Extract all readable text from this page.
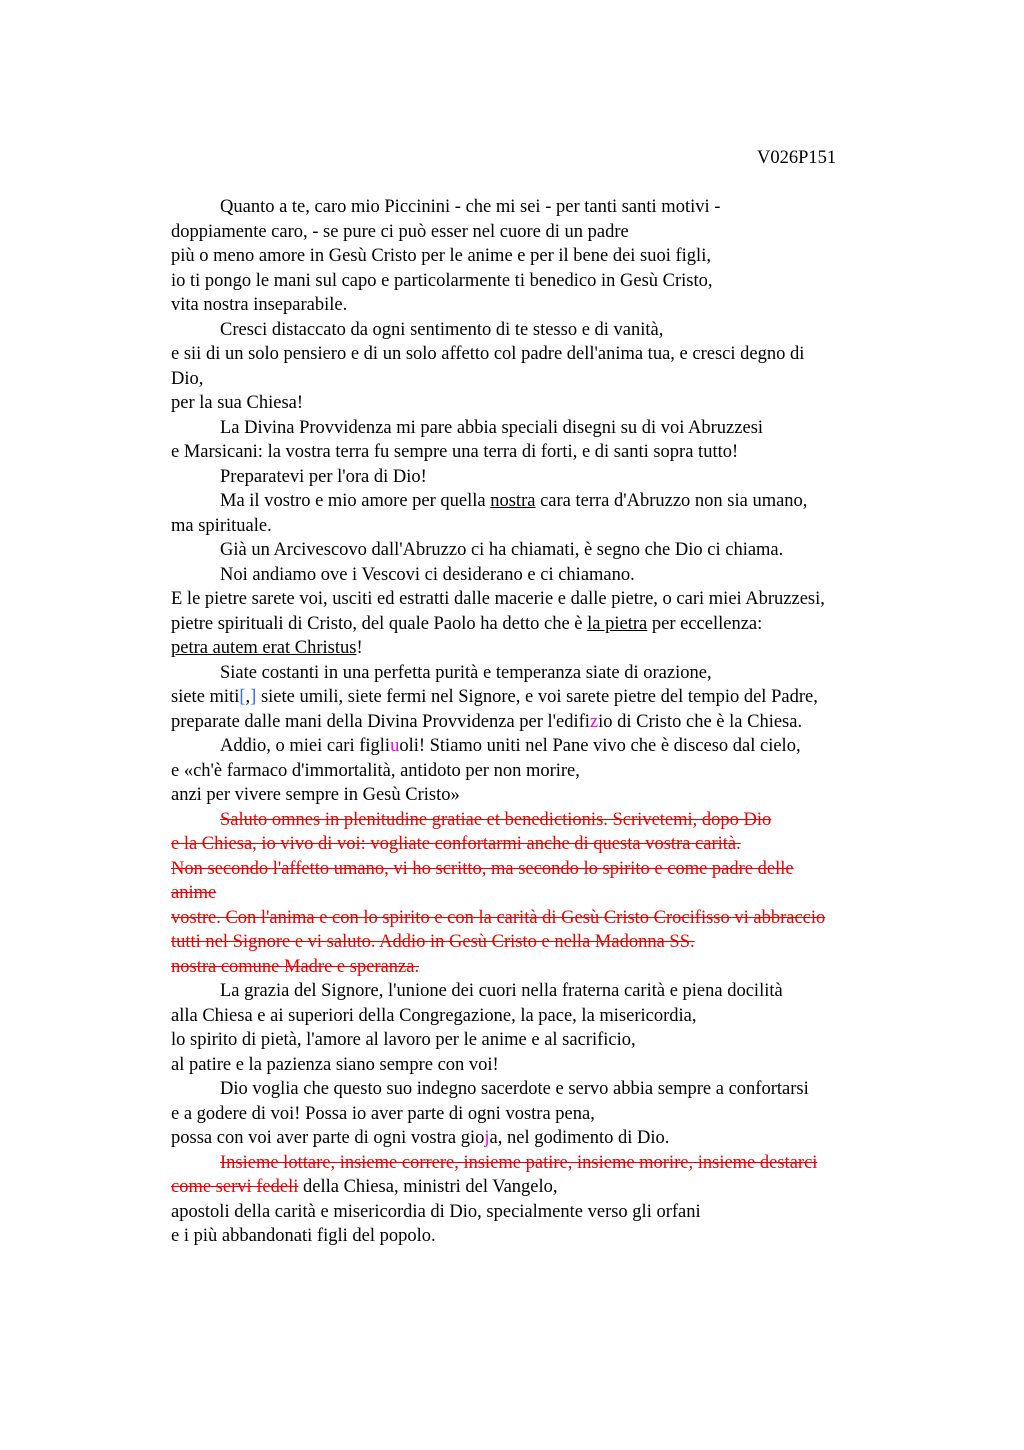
V026P151
Quanto a te, caro mio Piccinini - che mi sei - per tanti santi motivi -
doppiamente caro, - se pure ci può esser nel cuore di un padre
più o meno amore in Gesù Cristo per le anime e per il bene dei suoi figli,
io ti pongo le mani sul capo e particolarmente ti benedico in Gesù Cristo,
vita nostra inseparabile.
Cresci distaccato da ogni sentimento di te stesso e di vanità,
e sii di un solo pensiero e di un solo affetto col padre dell'anima tua, e cresci degno di
Dio,
per la sua Chiesa!
La Divina Provvidenza mi pare abbia speciali disegni su di voi Abruzzesi
e Marsicani: la vostra terra fu sempre una terra di forti, e di santi sopra tutto!
Preparatevi per l'ora di Dio!
Ma il vostro e mio amore per quella nostra cara terra d'Abruzzo non sia umano,
ma spirituale.
Già un Arcivescovo dall'Abruzzo ci ha chiamati, è segno che Dio ci chiama.
Noi andiamo ove i Vescovi ci desiderano e ci chiamano.
E le pietre sarete voi, usciti ed estratti dalle macerie e dalle pietre, o cari miei Abruzzesi,
pietre spirituali di Cristo, del quale Paolo ha detto che è la pietra per eccellenza:
petra autem erat Christus!
Siate costanti in una perfetta purità e temperanza siate di orazione,
siete miti[,] siete umili, siete fermi nel Signore, e voi sarete pietre del tempio del Padre,
preparate dalle mani della Divina Provvidenza per l'edifizio di Cristo che è la Chiesa.
Addio, o miei cari figliuoli! Stiamo uniti nel Pane vivo che è disceso dal cielo,
e «ch'è farmaco d'immortalità, antidoto per non morire,
anzi per vivere sempre in Gesù Cristo»
Saluto omnes in plenitudine gratiae et benedictionis. Scrivetemi, dopo Dio
e la Chiesa, io vivo di voi: vogliate confortarmi anche di questa vostra carità.
Non secondo l'affetto umano, vi ho scritto, ma secondo lo spirito e come padre delle
anime
vostre. Con l'anima e con lo spirito e con la carità di Gesù Cristo Crocifisso vi abbraccio
tutti nel Signore e vi saluto. Addio in Gesù Cristo e nella Madonna SS.
nostra comune Madre e speranza.
La grazia del Signore, l'unione dei cuori nella fraterna carità e piena docilità
alla Chiesa e ai superiori della Congregazione, la pace, la misericordia,
lo spirito di pietà, l'amore al lavoro per le anime e al sacrificio,
al patire e la pazienza siano sempre con voi!
Dio voglia che questo suo indegno sacerdote e servo abbia sempre a confortarsi
e a godere di voi! Possa io aver parte di ogni vostra pena,
possa con voi aver parte di ogni vostra gioja, nel godimento di Dio.
Insieme lottare, insieme correre, insieme patire, insieme morire, insieme destarci
come servi fedeli della Chiesa, ministri del Vangelo,
apostoli della carità e misericordia di Dio, specialmente verso gli orfani
e i più abbandonati figli del popolo.
